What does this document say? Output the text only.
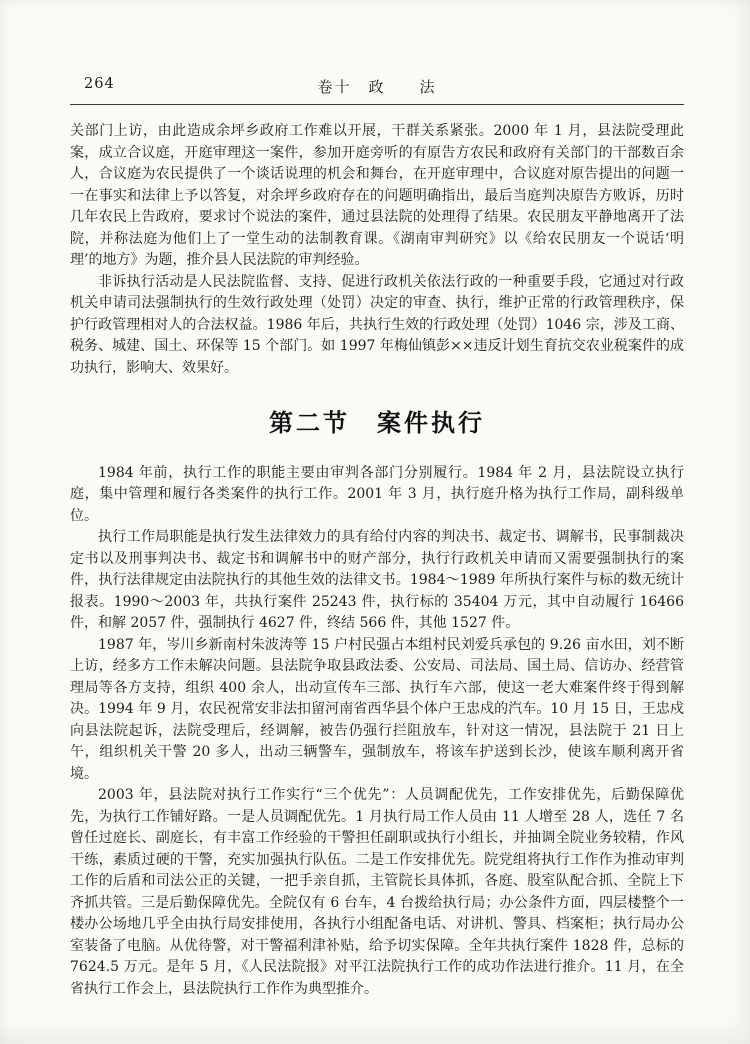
264	卷十　政　　法

关部门上访，由此造成余坪乡政府工作难以开展，干群关系紧张。2000 年 1 月，县法院受理此案，成立合议庭，开庭审理这一案件，参加开庭旁听的有原告方农民和政府有关部门的干部数百余人，合议庭为农民提供了一个谈话说理的机会和舞台，在开庭审理中，合议庭对原告提出的问题一一在事实和法律上予以答复，对余坪乡政府存在的问题明确指出，最后当庭判决原告方败诉，历时几年农民上告政府，要求讨个说法的案件，通过县法院的处理得了结果。农民朋友平静地离开了法院，并称法庭为他们上了一堂生动的法制教育课。《湖南审判研究》以《给农民朋友一个说话‘明理’的地方》为题，推介县人民法院的审判经验。

非诉执行活动是人民法院监督、支持、促进行政机关依法行政的一种重要手段，它通过对行政机关申请司法强制执行的生效行政处理（处罚）决定的审查、执行，维护正常的行政管理秩序，保护行政管理相对人的合法权益。1986 年后，共执行生效的行政处理（处罚）1046 宗，涉及工商、税务、城建、国土、环保等 15 个部门。如 1997 年梅仙镇彭××违反计划生育抗交农业税案件的成功执行，影响大、效果好。

第二节　案件执行

1984 年前，执行工作的职能主要由审判各部门分别履行。1984 年 2 月，县法院设立执行庭，集中管理和履行各类案件的执行工作。2001 年 3 月，执行庭升格为执行工作局，副科级单位。

执行工作局职能是执行发生法律效力的具有给付内容的判决书、裁定书、调解书，民事制裁决定书以及刑事判决书、裁定书和调解书中的财产部分，执行行政机关申请而又需要强制执行的案件，执行法律规定由法院执行的其他生效的法律文书。1984～1989 年所执行案件与标的数无统计报表。1990～2003 年，共执行案件 25243 件，执行标的 35404 万元，其中自动履行 16466 件，和解 2057 件，强制执行 4627 件，终结 566 件，其他 1527 件。

1987 年，岑川乡新南村朱波涛等 15 户村民强占本组村民刘爱兵承包的 9.26 亩水田，刘不断上访，经多方工作未解决问题。县法院争取县政法委、公安局、司法局、国土局、信访办、经营管理局等各方支持，组织 400 余人，出动宣传车三部、执行车六部，使这一老大难案件终于得到解决。1994 年 9 月，农民祝常安非法扣留河南省西华县个体户王忠戍的汽车。10 月 15 日，王忠戍向县法院起诉，法院受理后，经调解，被告仍强行拦阻放车，针对这一情况，县法院于 21 日上午，组织机关干警 20 多人，出动三辆警车，强制放车，将该车护送到长沙，使该车顺利离开省境。

2003 年，县法院对执行工作实行“三个优先”：人员调配优先，工作安排优先，后勤保障优先，为执行工作铺好路。一是人员调配优先。1 月执行局工作人员由 11 人增至 28 人，选任 7 名曾任过庭长、副庭长，有丰富工作经验的干警担任副职或执行小组长，并抽调全院业务较精，作风干练，素质过硬的干警，充实加强执行队伍。二是工作安排优先。院党组将执行工作作为推动审判工作的后盾和司法公正的关键，一把手亲自抓，主管院长具体抓，各庭、股室队配合抓、全院上下齐抓共管。三是后勤保障优先。全院仅有 6 台车，4 台拨给执行局；办公条件方面，四层楼整个一楼办公场地几乎全由执行局安排使用，各执行小组配备电话、对讲机、警具、档案柜；执行局办公室装备了电脑。从优待警，对干警福利津补贴，给予切实保障。全年共执行案件 1828 件，总标的 7624.5 万元。是年 5 月，《人民法院报》对平江法院执行工作的成功作法进行推介。11 月，在全省执行工作会上，县法院执行工作作为典型推介。
